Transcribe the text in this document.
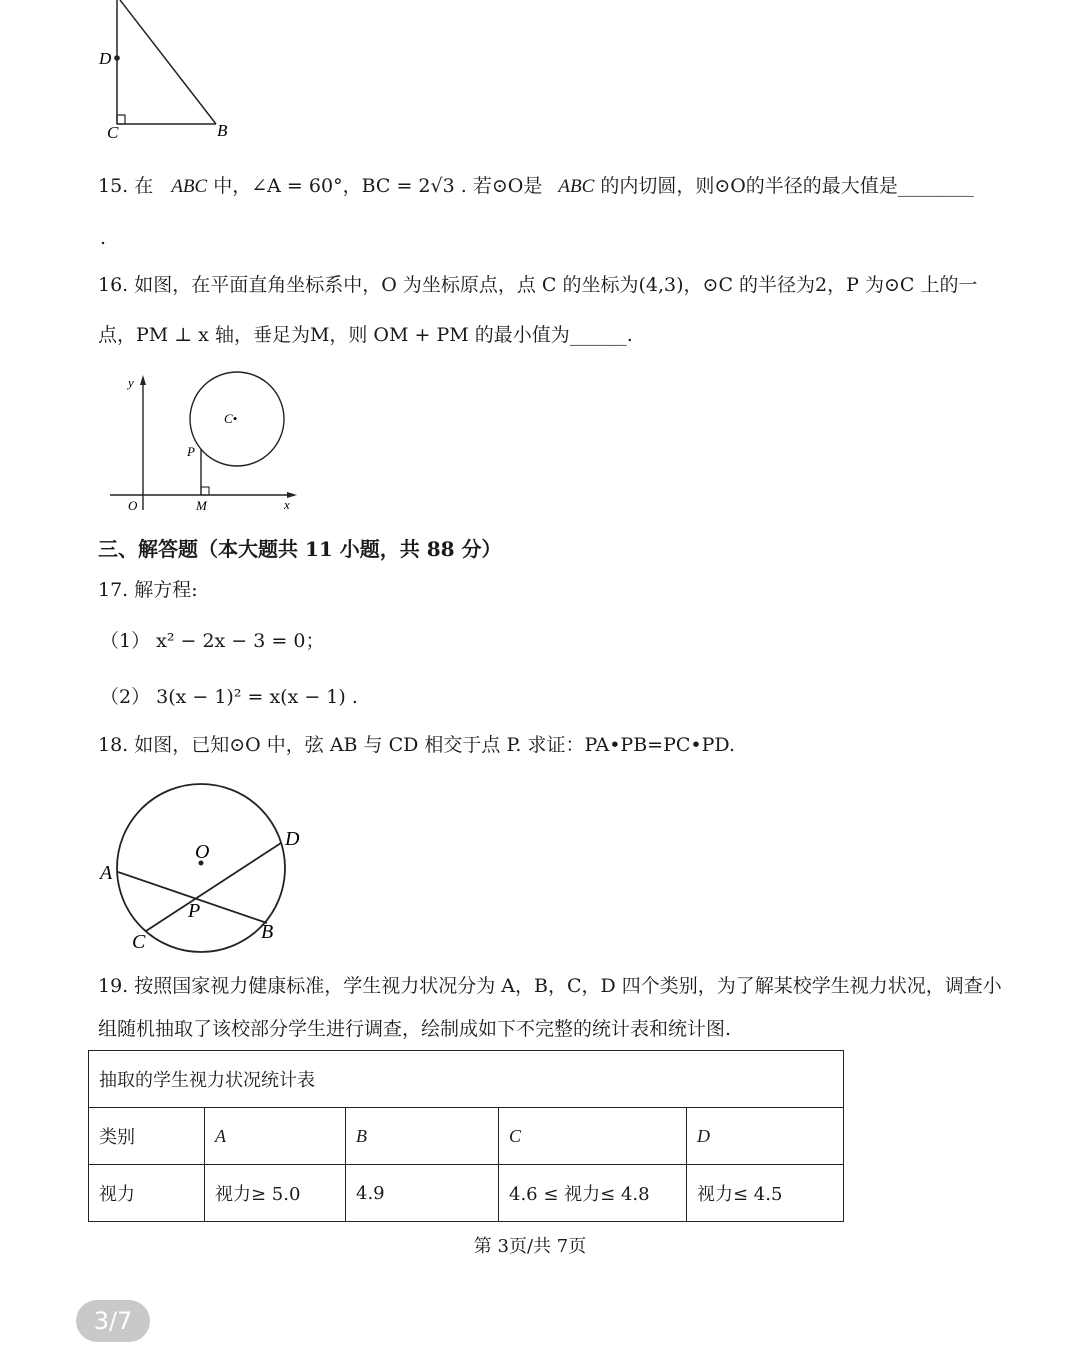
D
C	B
15. 在 ABC 中，∠A = 60°，BC = 2√3 . 若⊙O是 ABC 的内切圆，则⊙O的半径的最大值是________
.
16. 如图，在平面直角坐标系中，O 为坐标原点，点 C 的坐标为(4,3)，⊙C 的半径为2，P 为⊙C 上的一
点，PM ⊥ x 轴，垂足为M，则 OM + PM 的最小值为______.
y
C•
P
O	M	x
三、解答题（本大题共 11 小题，共 88 分）
17. 解方程:
（1） x² − 2x − 3 = 0；
（2） 3(x − 1)² = x(x − 1) .
18. 如图，已知⊙O 中，弦 AB 与 CD 相交于点 P. 求证：PA•PB=PC•PD.
O
A
D
P
C	B
19. 按照国家视力健康标准，学生视力状况分为 A，B，C，D 四个类别，为了解某校学生视力状况，调查小
组随机抽取了该校部分学生进行调查，绘制成如下不完整的统计表和统计图.
抽取的学生视力状况统计表				
类别	A	B	C	D
视力	视力≥ 5.0	4.9	4.6 ≤ 视力≤ 4.8	视力≤ 4.5
第 3页/共 7页
3/7
